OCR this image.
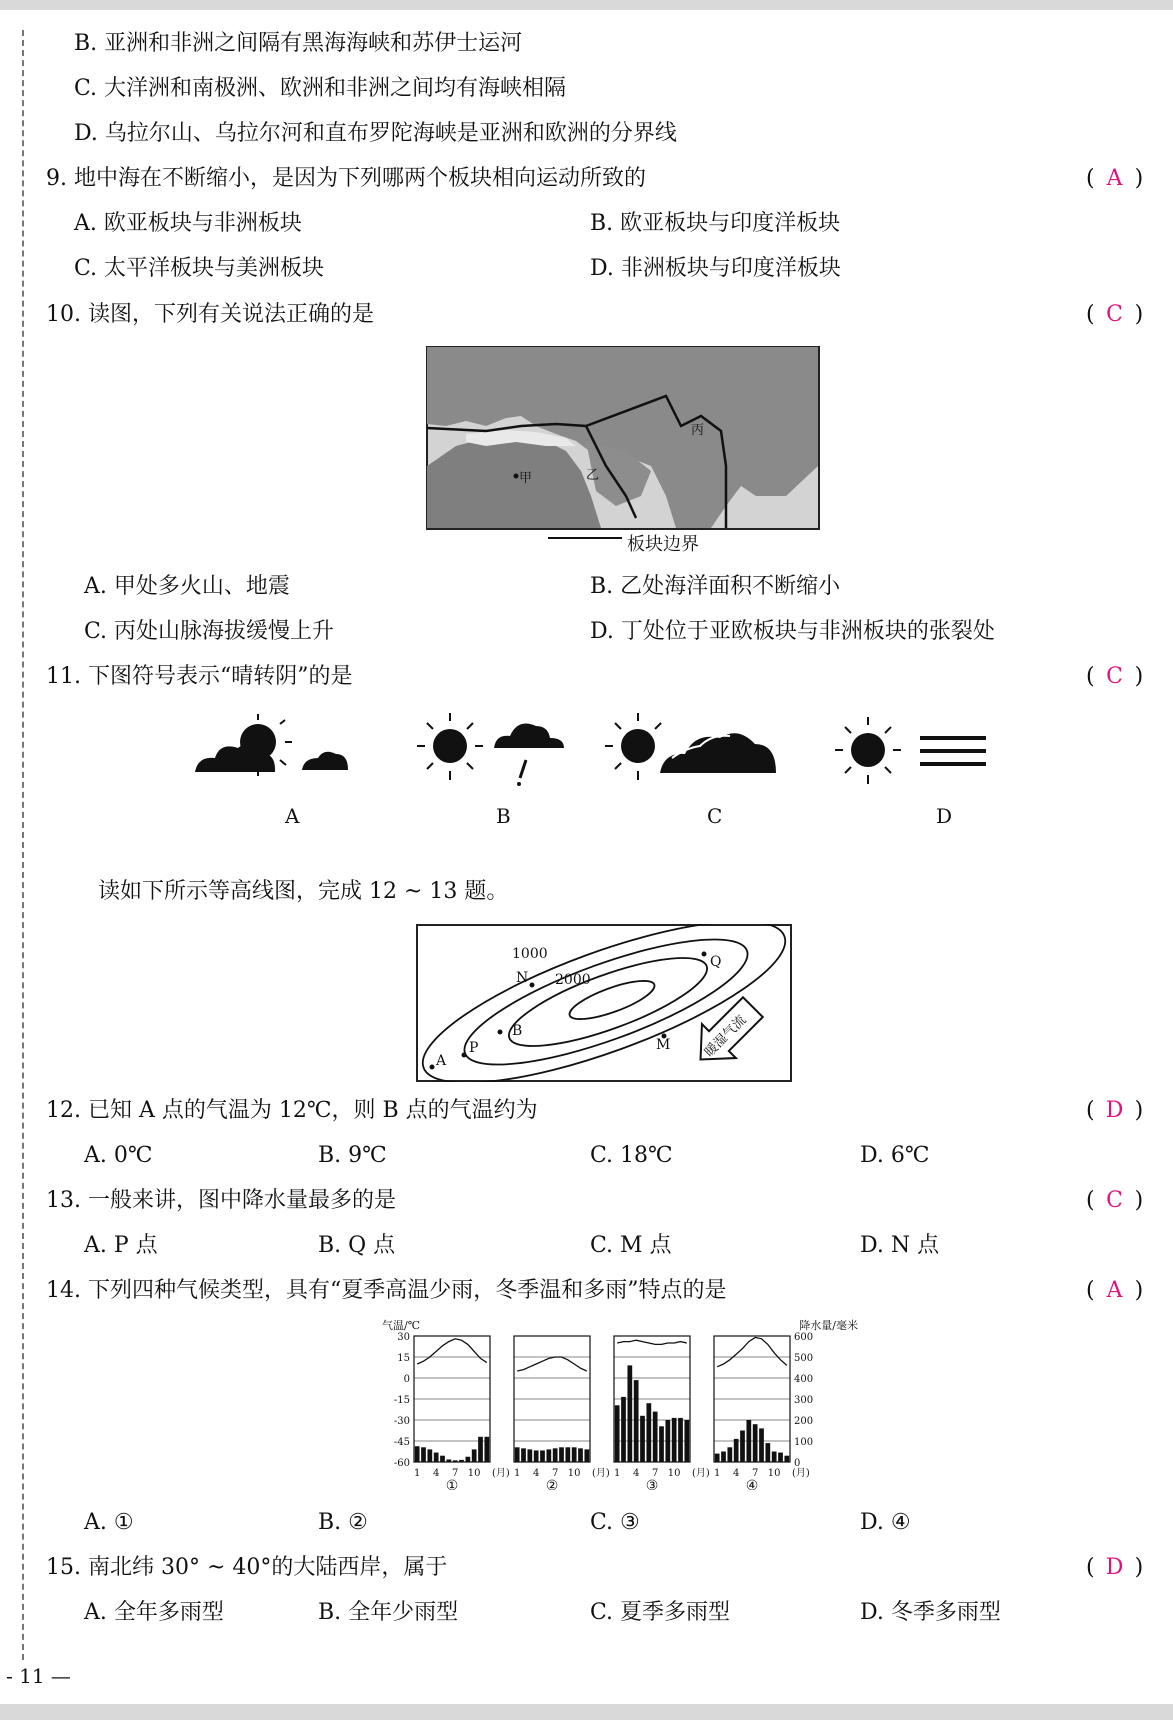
B. 亚洲和非洲之间隔有黑海海峡和苏伊士运河
C. 大洋洲和南极洲、欧洲和非洲之间均有海峡相隔
D. 乌拉尔山、乌拉尔河和直布罗陀海峡是亚洲和欧洲的分界线
9. 地中海在不断缩小，是因为下列哪两个板块相向运动所致的	( A )
A. 欧亚板块与非洲板块	B. 欧亚板块与印度洋板块
C. 太平洋板块与美洲板块	D. 非洲板块与印度洋板块
10. 读图，下列有关说法正确的是	( C )
甲	乙
丙
板块边界
A. 甲处多火山、地震	B. 乙处海洋面积不断缩小
C. 丙处山脉海拔缓慢上升	D. 丁处位于亚欧板块与非洲板块的张裂处
11. 下图符号表示“晴转阴”的是	( C )
A	B	C	D
读如下所示等高线图，完成 12 ~ 13 题。
1000
2000
N
Q
B
P
A
M 暖湿气流
12. 已知 A 点的气温为 12℃，则 B 点的气温约为	( D )
A. 0℃	B. 9℃	C. 18℃	D. 6℃
13. 一般来讲，图中降水量最多的是	( C )
A. P 点	B. Q 点	C. M 点	D. N 点
14. 下列四种气候类型，具有“夏季高温少雨，冬季温和多雨”特点的是	( A )
气温/℃	降水量/毫米
30
15
0
-15
-30
-45
-60
600
500
400
300
200
100
0
1 4 7 10
①
1 4 7 10
②
1 4 7 10
③
1 4 7 10
④
(月)	(月)	(月)	(月)
A. ①	B. ②	C. ③	D. ④
15. 南北纬 30° ~ 40°的大陆西岸，属于	( D )
A. 全年多雨型	B. 全年少雨型	C. 夏季多雨型	D. 冬季多雨型
- 11 —
